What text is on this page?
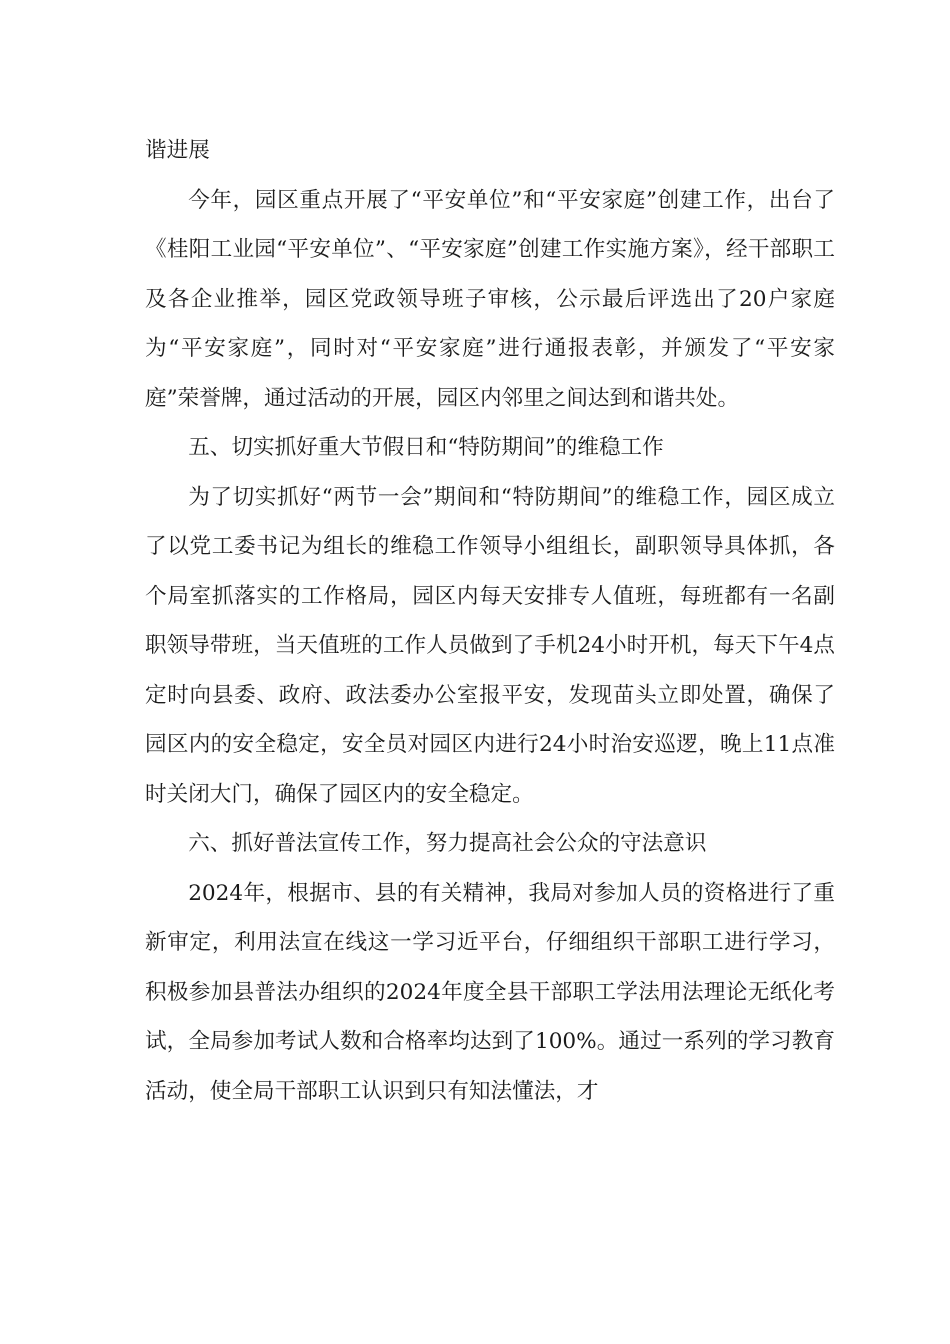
谐进展

今年，园区重点开展了“平安单位”和“平安家庭”创建工作，出台了《桂阳工业园“平安单位”、“平安家庭”创建工作实施方案》，经干部职工及各企业推举，园区党政领导班子审核，公示最后评选出了20户家庭为“平安家庭”，同时对“平安家庭”进行通报表彰，并颁发了“平安家庭”荣誉牌，通过活动的开展，园区内邻里之间达到和谐共处。

五、切实抓好重大节假日和“特防期间”的维稳工作

为了切实抓好“两节一会”期间和“特防期间”的维稳工作，园区成立了以党工委书记为组长的维稳工作领导小组组长，副职领导具体抓，各个局室抓落实的工作格局，园区内每天安排专人值班，每班都有一名副职领导带班，当天值班的工作人员做到了手机24小时开机，每天下午4点定时向县委、政府、政法委办公室报平安，发现苗头立即处置，确保了园区内的安全稳定，安全员对园区内进行24小时治安巡逻，晚上11点准时关闭大门，确保了园区内的安全稳定。

六、抓好普法宣传工作，努力提高社会公众的守法意识

2024年，根据市、县的有关精神，我局对参加人员的资格进行了重新审定，利用法宣在线这一学习近平台，仔细组织干部职工进行学习，积极参加县普法办组织的2024年度全县干部职工学法用法理论无纸化考试，全局参加考试人数和合格率均达到了100%。通过一系列的学习教育活动，使全局干部职工认识到只有知法懂法，才
